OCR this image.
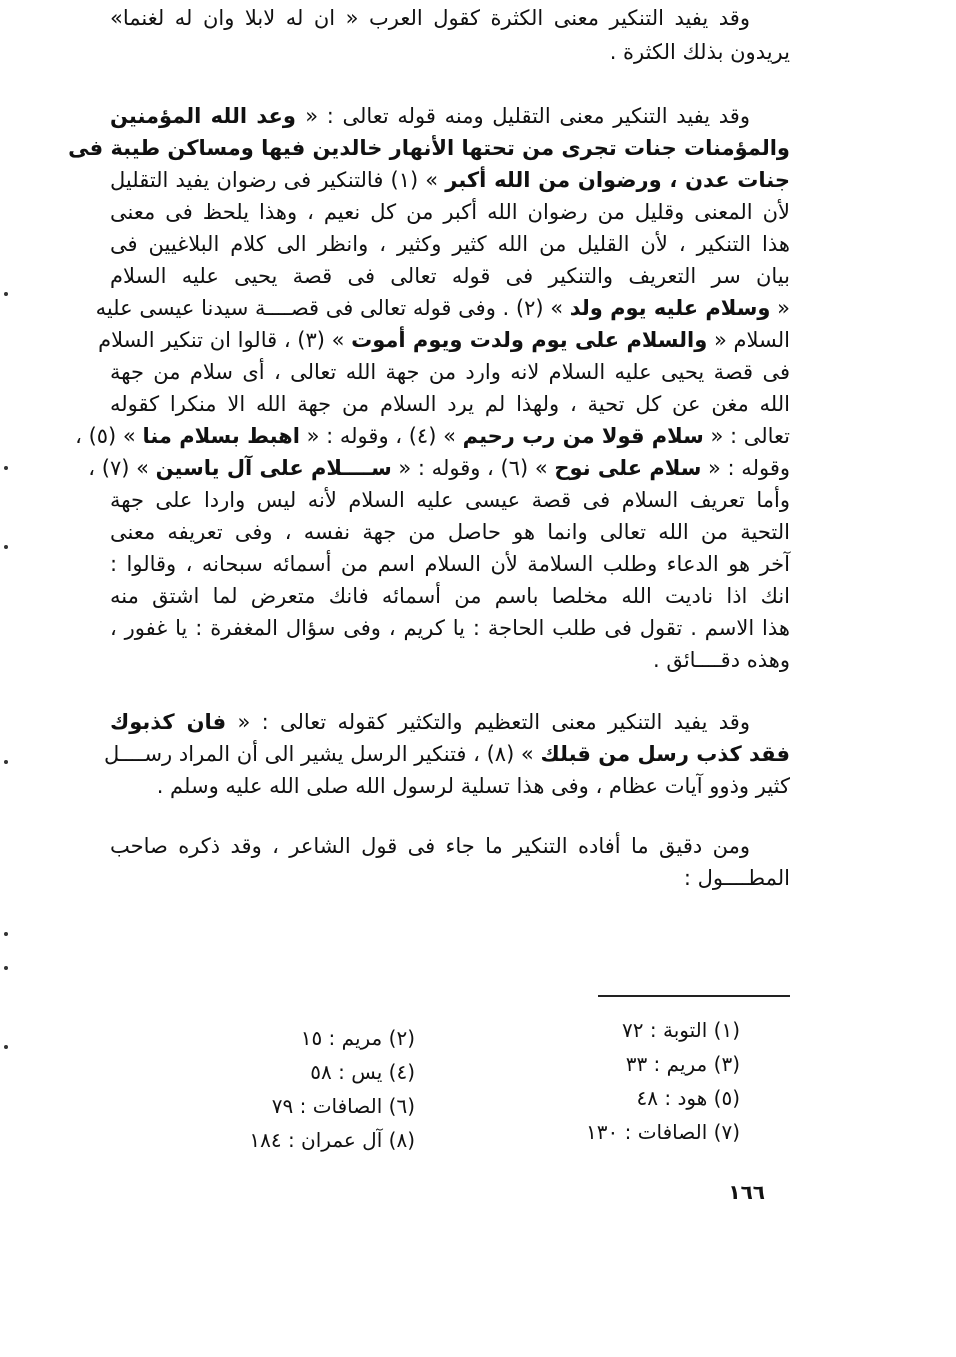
وقد يفيد التنكير معنى الكثرة كقول العرب « ان له لابلا وان له لغنما»
يريدون بذلك الكثرة .
وقد يفيد التنكير معنى التقليل ومنه قوله تعالى : « وعد الله المؤمنين
والمؤمنات جنات تجرى من تحتها الأنهار خالدين فيها ومساكن طيبة فى
جنات عدن ، ورضوان من الله أكبر » (١) فالتنكير فى رضوان يفيد التقليل
لأن المعنى وقليل من رضوان الله أكبر من كل نعيم ، وهذا يلحظ فى معنى
هذا التنكير ، لأن القليل من الله كثير وكثير ، وانظر الى كلام البلاغيين فى
بيان سر التعريف والتنكير فى قوله تعالى فى قصة يحيى عليه السلام
« وسلام عليه يوم ولد » (٢) . وفى قوله تعالى فى قصــــة سيدنا عيسى عليه
السلام « والسلام على يوم ولدت ويوم أموت » (٣) ، قالوا ان تنكير السلام
فى قصة يحيى عليه السلام لانه وارد من جهة الله تعالى ، أى سلام من جهة
الله مغن عن كل تحية ، ولهذا لم يرد السلام من جهة الله الا منكرا كقوله
تعالى : « سلام قولا من رب رحيم » (٤) ، وقوله : « اهبط بسلام منا » (٥) ،
وقوله : « سلام على نوح » (٦) ، وقوله : « ســــلام على آل ياسين » (٧) ،
وأما تعريف السلام فى قصة عيسى عليه السلام لأنه ليس واردا على جهة
التحية من الله تعالى وانما هو حاصل من جهة نفسه ، وفى تعريفه معنى
آخر هو الدعاء وطلب السلامة لأن السلام اسم من أسمائه سبحانه ، وقالوا :
انك اذا ناديت الله مخلصا باسم من أسمائه فانك متعرض لما اشتق منه
هذا الاسم . تقول فى طلب الحاجة : يا كريم ، وفى سؤال المغفرة : يا غفور ،
وهذه دقــــائق .
وقد يفيد التنكير معنى التعظيم والتكثير كقوله تعالى : « فان كذبوك
فقد كذب رسل من قبلك » (٨) ، فتنكير الرسل يشير الى أن المراد رســــل
كثير وذوو آيات عظام ، وفى هذا تسلية لرسول الله صلى الله عليه وسلم .
ومن دقيق ما أفاده التنكير ما جاء فى قول الشاعر ، وقد ذكره صاحب
المطــــول :
(١) التوبة : ٧٢
(٢) مريم : ١٥
(٣) مريم : ٣٣
(٤) يس : ٥٨
(٥) هود : ٤٨
(٦) الصافات : ٧٩
(٧) الصافات : ١٣٠
(٨) آل عمران : ١٨٤
١٦٦
